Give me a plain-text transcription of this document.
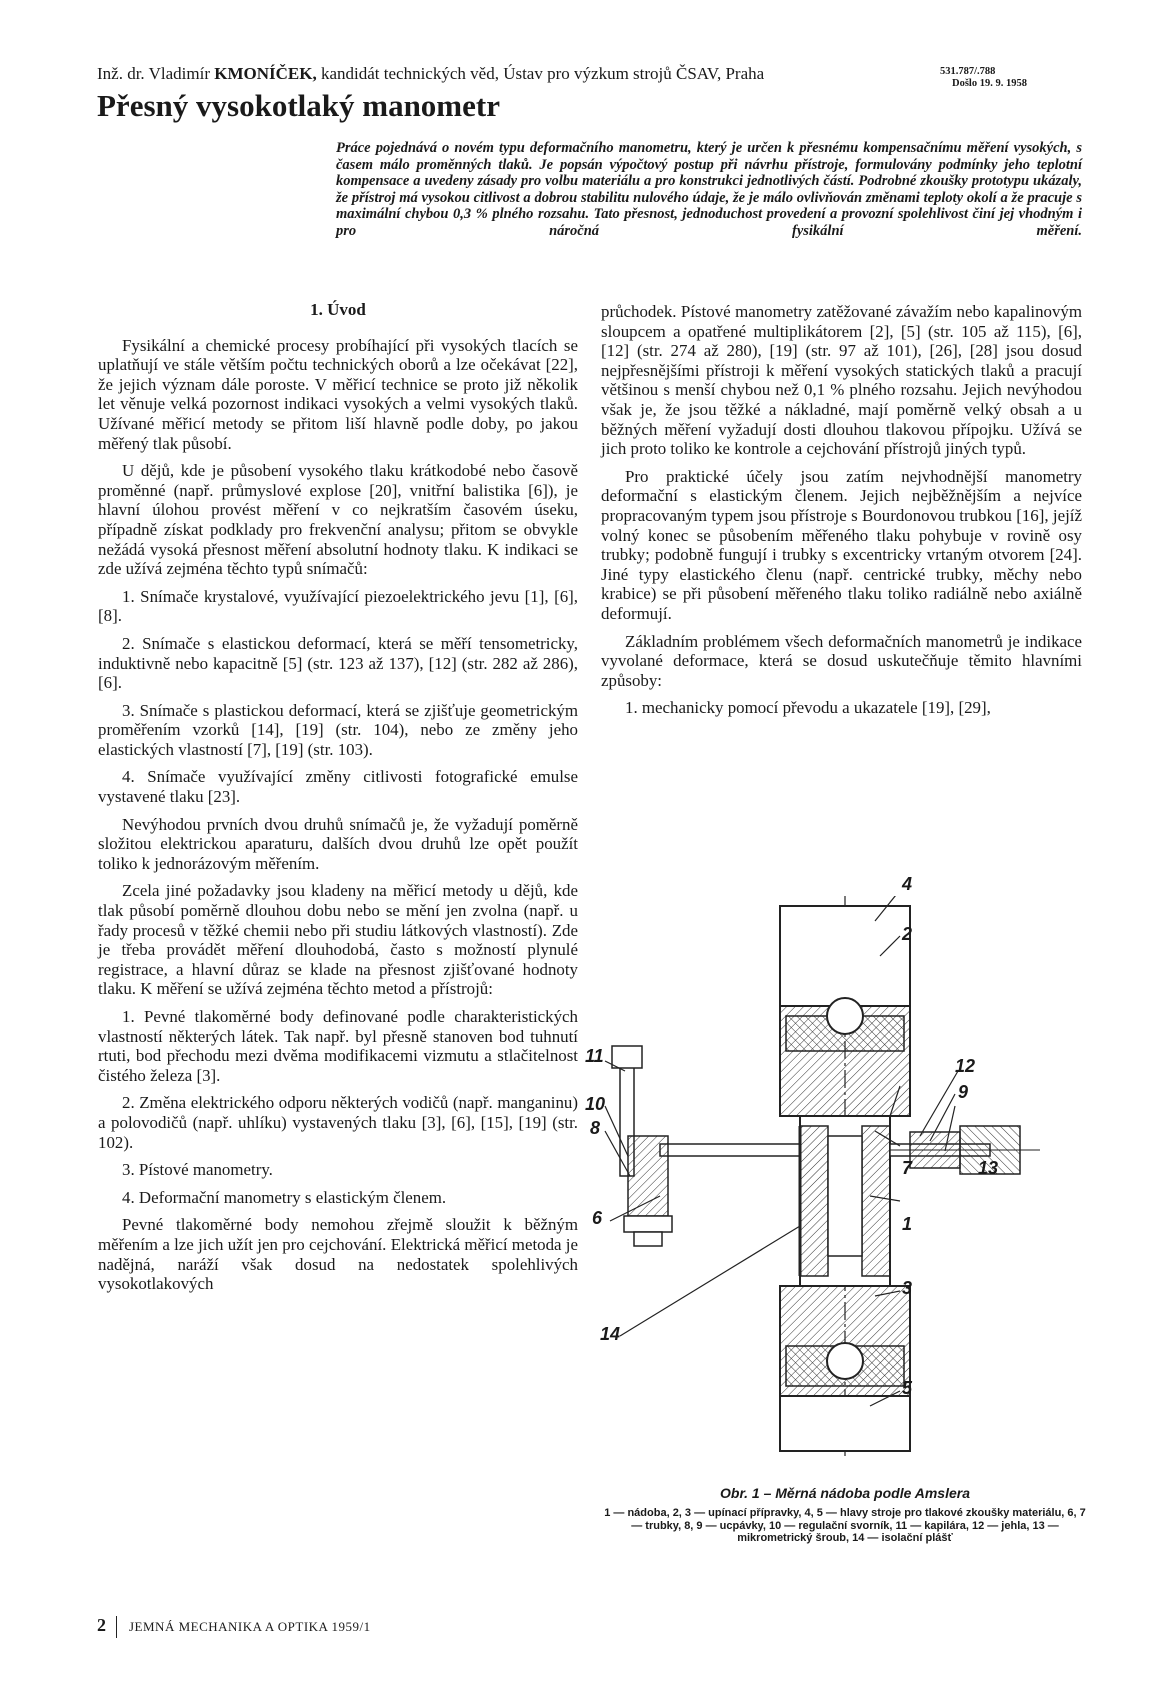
Inž. dr. Vladimír KMONÍČEK, kandidát technických věd, Ústav pro výzkum strojů ČSAV, Praha	531.787/.788
Došlo 19. 9. 1958
Přesný vysokotlaký manometr
Práce pojednává o novém typu deformačního manometru, který je určen k přesnému kompensačnímu měření vysokých, s časem málo proměnných tlaků. Je popsán výpočtový postup při návrhu přístroje, formulovány podmínky jeho teplotní kompensace a uvedeny zásady pro volbu materiálu a pro konstrukci jednotlivých částí. Podrobné zkoušky prototypu ukázaly, že přístroj má vysokou citlivost a dobrou stabilitu nulového údaje, že je málo ovlivňován změnami teploty okolí a že pracuje s maximální chybou 0,3 % plného rozsahu. Tato přesnost, jednoduchost provedení a provozní spolehlivost činí jej vhodným i pro náročná fysikální měření.
1. Úvod

Fysikální a chemické procesy probíhající při vysokých tlacích se uplatňují ve stále větším počtu technických oborů a lze očekávat [22], že jejich význam dále poroste. V měřicí technice se proto již několik let věnuje velká pozornost indikaci vysokých a velmi vysokých tlaků. Užívané měřicí metody se přitom liší hlavně podle doby, po jakou měřený tlak působí.

U dějů, kde je působení vysokého tlaku krátkodobé nebo časově proměnné (např. průmyslové explose [20], vnitřní balistika [6]), je hlavní úlohou provést měření v co nejkratším časovém úseku, případně získat podklady pro frekvenční analysu; přitom se obvykle nežádá vysoká přesnost měření absolutní hodnoty tlaku. K indikaci se zde užívá zejména těchto typů snímačů:

1. Snímače krystalové, využívající piezoelektrického jevu [1], [6], [8].

2. Snímače s elastickou deformací, která se měří tensometricky, induktivně nebo kapacitně [5] (str. 123 až 137), [12] (str. 282 až 286), [6].

3. Snímače s plastickou deformací, která se zjišťuje geometrickým proměřením vzorků [14], [19] (str. 104), nebo ze změny jeho elastických vlastností [7], [19] (str. 103).

4. Snímače využívající změny citlivosti fotografické emulse vystavené tlaku [23].

Nevýhodou prvních dvou druhů snímačů je, že vyžadují poměrně složitou elektrickou aparaturu, dalších dvou druhů lze opět použít toliko k jednorázovým měřením.

Zcela jiné požadavky jsou kladeny na měřicí metody u dějů, kde tlak působí poměrně dlouhou dobu nebo se mění jen zvolna (např. u řady procesů v těžké chemii nebo při studiu látkových vlastností). Zde je třeba provádět měření dlouhodobá, často s možností plynulé registrace, a hlavní důraz se klade na přesnost zjišťované hodnoty tlaku. K měření se užívá zejména těchto metod a přístrojů:

1. Pevné tlakoměrné body definované podle charakteristických vlastností některých látek. Tak např. byl přesně stanoven bod tuhnutí rtuti, bod přechodu mezi dvěma modifikacemi vizmutu a stlačitelnost čistého železa [3].

2. Změna elektrického odporu některých vodičů (např. manganinu) a polovodičů (např. uhlíku) vystavených tlaku [3], [6], [15], [19] (str. 102).

3. Pístové manometry.

4. Deformační manometry s elastickým členem.

Pevné tlakoměrné body nemohou zřejmě sloužit k běžným měřením a lze jich užít jen pro cejchování. Elektrická měřicí metoda je nadějná, naráží však dosud na nedostatek spolehlivých vysokotlakových

průchodek. Pístové manometry zatěžované závažím nebo kapalinovým sloupcem a opatřené multiplikátorem [2], [5] (str. 105 až 115), [6], [12] (str. 274 až 280), [19] (str. 97 až 101), [26], [28] jsou dosud nejpřesnějšími přístroji k měření vysokých statických tlaků a pracují většinou s menší chybou než 0,1 % plného rozsahu. Jejich nevýhodou však je, že jsou těžké a nákladné, mají poměrně velký obsah a u běžných měření vyžadují dosti dlouhou tlakovou přípojku. Užívá se jich proto toliko ke kontrole a cejchování přístrojů jiných typů.

Pro praktické účely jsou zatím nejvhodnější manometry deformační s elastickým členem. Jejich nejběžnějším a nejvíce propracovaným typem jsou přístroje s Bourdonovou trubkou [16], jejíž volný konec se působením měřeného tlaku pohybuje v rovině osy trubky; podobně fungují i trubky s excentricky vrtaným otvorem [24]. Jiné typy elastického členu (např. centrické trubky, měchy nebo krabice) se při působení měřeného tlaku toliko radiálně nebo axiálně deformují.

Základním problémem všech deformačních manometrů je indikace vyvolané deformace, která se dosud uskutečňuje těmito hlavními způsoby:

1. mechanicky pomocí převodu a ukazatele [19], [29],

4
2
12
9
7	13
1
3
5
11
10
8
6
14
Obr. 1 – Měrná nádoba podle Amslera
1 — nádoba, 2, 3 — upínací přípravky, 4, 5 — hlavy stroje pro tlakové zkoušky materiálu, 6, 7 — trubky, 8, 9 — ucpávky, 10 — regulační svorník, 11 — kapilára, 12 — jehla, 13 — mikrometrický šroub, 14 — isolační plášť
2 JEMNÁ MECHANIKA A OPTIKA 1959/1
